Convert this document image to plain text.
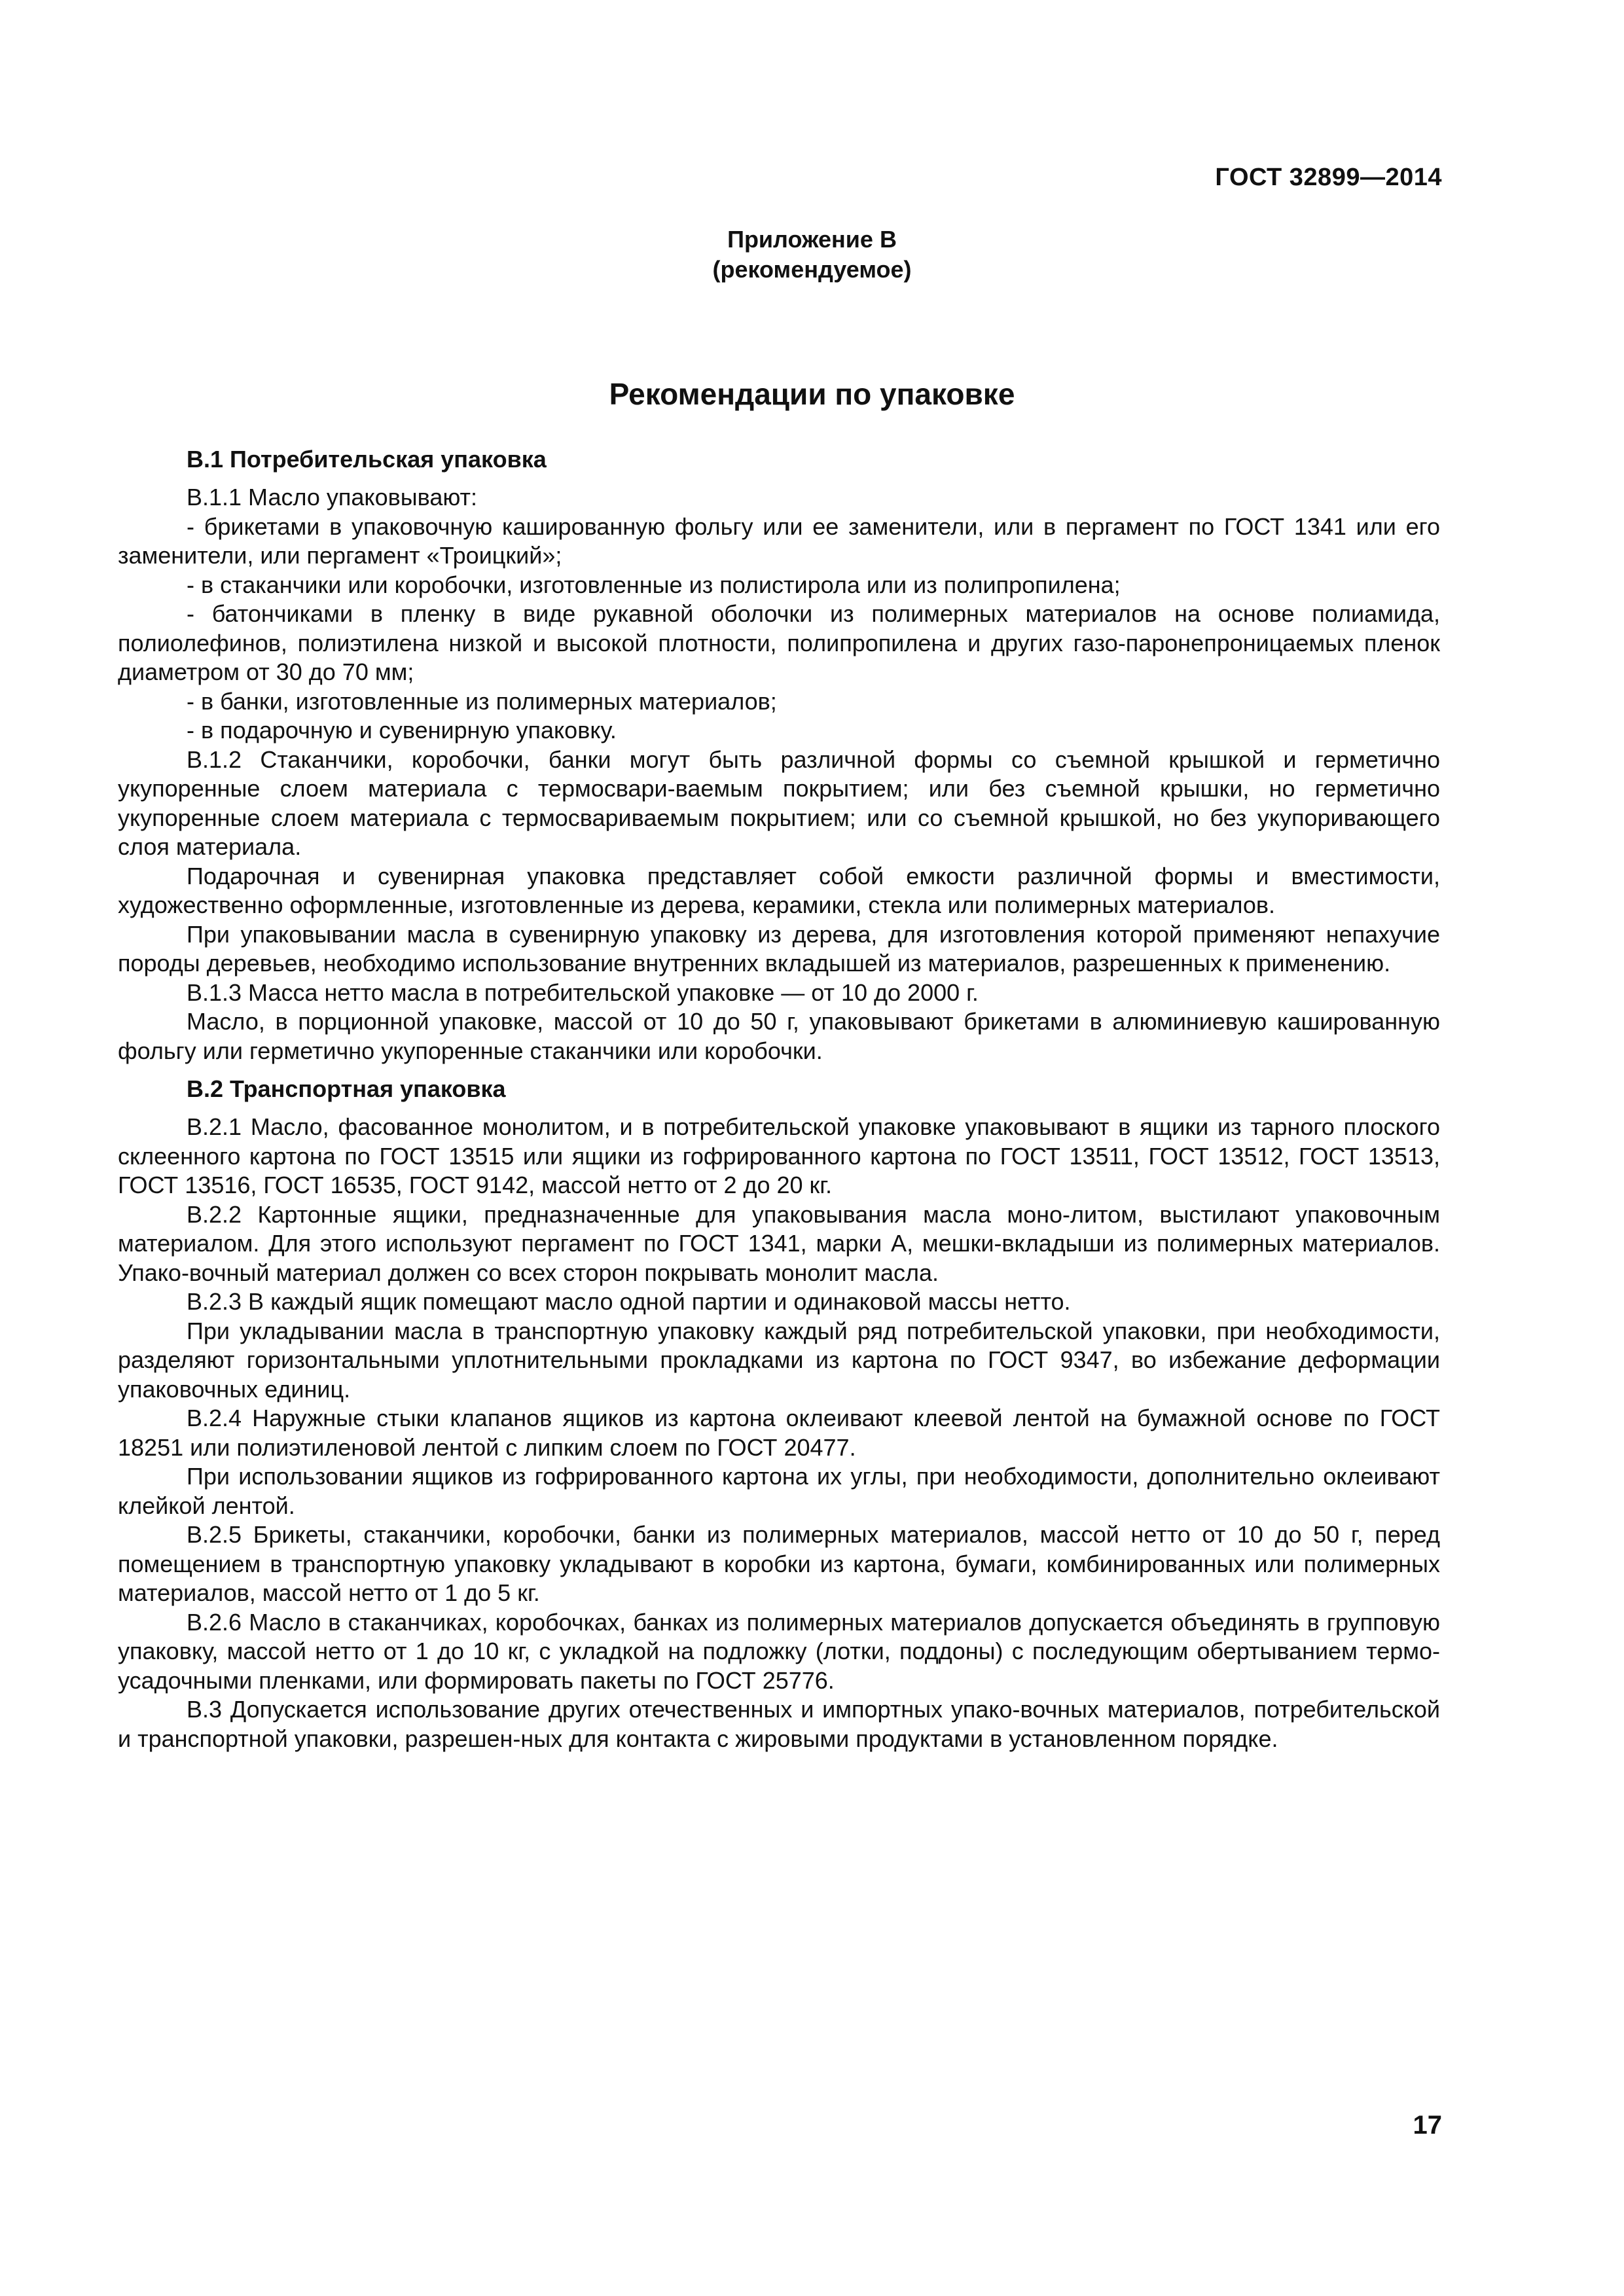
ГОСТ 32899—2014
Приложение В
(рекомендуемое)
Рекомендации по упаковке
В.1 Потребительская упаковка

В.1.1 Масло упаковывают:

- брикетами в упаковочную кашированную фольгу или ее заменители, или в пергамент по ГОСТ 1341 или его заменители, или пергамент «Троицкий»;

- в стаканчики или коробочки, изготовленные из полистирола или из полипропилена;

- батончиками в пленку в виде рукавной оболочки из полимерных материалов на основе полиамида, полиолефинов, полиэтилена низкой и высокой плотности, полипропилена и других газо-паронепроницаемых пленок диаметром от 30 до 70 мм;

- в банки, изготовленные из полимерных материалов;

- в подарочную и сувенирную упаковку.

В.1.2 Стаканчики, коробочки, банки могут быть различной формы со съемной крышкой и герметично укупоренные слоем материала с термосвари-ваемым покрытием; или без съемной крышки, но герметично укупоренные слоем материала с термосвариваемым покрытием; или со съемной крышкой, но без укупоривающего слоя материала.

Подарочная и сувенирная упаковка представляет собой емкости различной формы и вместимости, художественно оформленные, изготовленные из дерева, керамики, стекла или полимерных материалов.

При упаковывании масла в сувенирную упаковку из дерева, для изготовления которой применяют непахучие породы деревьев, необходимо использование внутренних вкладышей из материалов, разрешенных к применению.

В.1.3 Масса нетто масла в потребительской упаковке — от 10 до 2000 г.

Масло, в порционной упаковке, массой от 10 до 50 г, упаковывают брикетами в алюминиевую кашированную фольгу или герметично укупоренные стаканчики или коробочки.

В.2 Транспортная упаковка

В.2.1 Масло, фасованное монолитом, и в потребительской упаковке упаковывают в ящики из тарного плоского склеенного картона по ГОСТ 13515 или ящики из гофрированного картона по ГОСТ 13511, ГОСТ 13512, ГОСТ 13513, ГОСТ 13516, ГОСТ 16535, ГОСТ 9142, массой нетто от 2 до 20 кг.

В.2.2 Картонные ящики, предназначенные для упаковывания масла моно-литом, выстилают упаковочным материалом. Для этого используют пергамент по ГОСТ 1341, марки А, мешки-вкладыши из полимерных материалов. Упако-вочный материал должен со всех сторон покрывать монолит масла.

В.2.3 В каждый ящик помещают масло одной партии и одинаковой массы нетто.

При укладывании масла в транспортную упаковку каждый ряд потребительской упаковки, при необходимости, разделяют горизонтальными уплотнительными прокладками из картона по ГОСТ 9347, во избежание деформации упаковочных единиц.

В.2.4 Наружные стыки клапанов ящиков из картона оклеивают клеевой лентой на бумажной основе по ГОСТ 18251 или полиэтиленовой лентой с липким слоем по ГОСТ 20477.

При использовании ящиков из гофрированного картона их углы, при необходимости, дополнительно оклеивают клейкой лентой.

В.2.5 Брикеты, стаканчики, коробочки, банки из полимерных материалов, массой нетто от 10 до 50 г, перед помещением в транспортную упаковку укладывают в коробки из картона, бумаги, комбинированных или полимерных материалов, массой нетто от 1 до 5 кг.

В.2.6 Масло в стаканчиках, коробочках, банках из полимерных материалов допускается объединять в групповую упаковку, массой нетто от 1 до 10 кг, с укладкой на подложку (лотки, поддоны) с последующим обертыванием термо-усадочными пленками, или формировать пакеты по ГОСТ 25776.

В.3 Допускается использование других отечественных и импортных упако-вочных материалов, потребительской и транспортной упаковки, разрешен-ных для контакта с жировыми продуктами в установленном порядке.

17
